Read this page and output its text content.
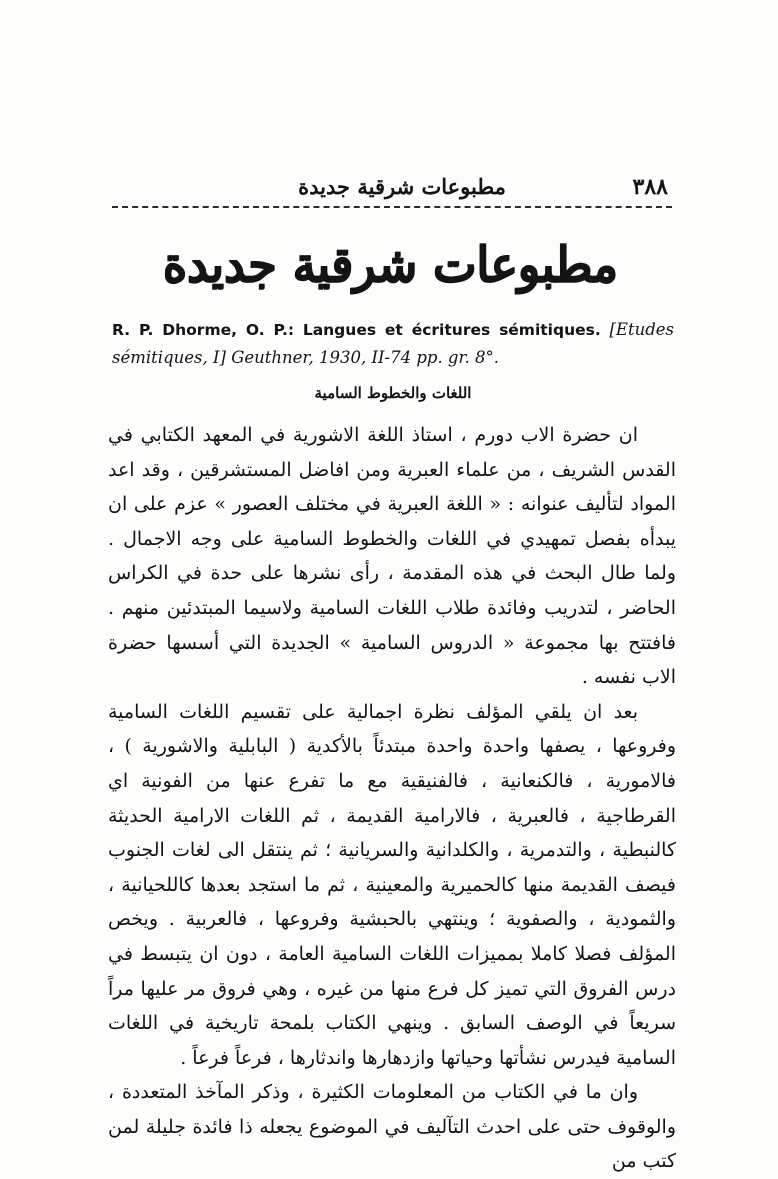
٣٨٨
مطبوعات شرقية جديدة
مطبوعات شرقية جديدة
R. P. Dhorme, O. P.: Langues et écritures sémitiques. [Etudes sémitiques, I] Geuthner, 1930, II-74 pp. gr. 8°.
اللغات والخطوط السامية

ان حضرة الاب دورم ، استاذ اللغة الاشورية في المعهد الكتابي في القدس الشريف ، من علماء العبرية ومن افاضل المستشرقين ، وقد اعد المواد لتأليف عنوانه : « اللغة العبرية في مختلف العصور » عزم على ان يبدأه بفصل تمهيدي في اللغات والخطوط السامية على وجه الاجمال . ولما طال البحث في هذه المقدمة ، رأى نشرها على حدة في الكراس الحاضر ، لتدريب وفائدة طلاب اللغات السامية ولاسيما المبتدئين منهم . فافتتح بها مجموعة « الدروس السامية » الجديدة التي أسسها حضرة الاب نفسه .

بعد ان يلقي المؤلف نظرة اجمالية على تقسيم اللغات السامية وفروعها ، يصفها واحدة واحدة مبتدئاً بالأكدية ( البابلية والاشورية ) ، فالامورية ، فالكنعانية ، فالفنيقية مع ما تفرع عنها من الفونية اي القرطاجية ، فالعبرية ، فالارامية القديمة ، ثم اللغات الارامية الحديثة كالنبطية ، والتدمرية ، والكلدانية والسريانية ؛ ثم ينتقل الى لغات الجنوب فيصف القديمة منها كالحميرية والمعينية ، ثم ما استجد بعدها كاللحيانية ، والثمودية ، والصفوية ؛ وينتهي بالحبشية وفروعها ، فالعربية . ويخص المؤلف فصلا كاملا بمميزات اللغات السامية العامة ، دون ان يتبسط في درس الفروق التي تميز كل فرع منها من غيره ، وهي فروق مر عليها مراً سريعاً في الوصف السابق . وينهي الكتاب بلمحة تاريخية في اللغات السامية فيدرس نشأتها وحياتها وازدهارها واندثارها ، فرعاً فرعاً .

وان ما في الكتاب من المعلومات الكثيرة ، وذكر المآخذ المتعددة ، والوقوف حتى على احدث التآليف في الموضوع يجعله ذا فائدة جليلة لمن كتب من
